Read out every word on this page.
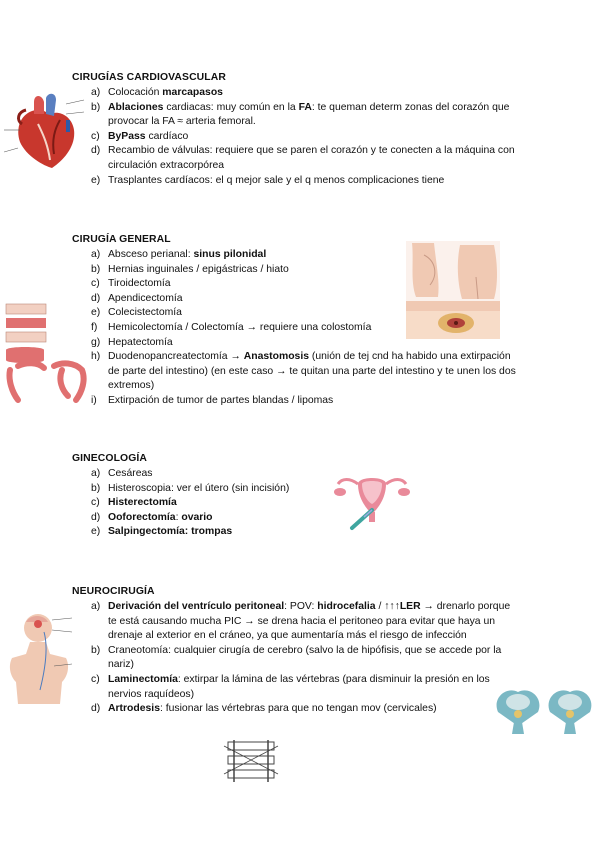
CIRUGÍAS CARDIOVASCULAR
a) Colocación marcapasos
b) Ablaciones cardiacas: muy común en la FA: te queman determ zonas del corazón que provocar la FA ≈ arteria femoral.
c) ByPass cardíaco
d) Recambio de válvulas: requiere que se paren el corazón y te conecten a la máquina con circulación extracorpórea
e) Trasplantes cardíacos: el q mejor sale y el q menos complicaciones tiene
CIRUGÍA GENERAL
a) Absceso perianal: sinus pilonidal
b) Hernias inguinales / epigástricas / hiato
c) Tiroidectomía
d) Apendicectomía
e) Colecistectomía
f) Hemicolectomía / Colectomía → requiere una colostomía
g) Hepatectomía
h) Duodenopancreatectomía → Anastomosis (unión de tej cnd ha habido una extirpación de parte del intestino) (en este caso → te quitan una parte del intestino y te unen los dos extremos)
i) Extirpación de tumor de partes blandas / lipomas
GINECOLOGÍA
a) Cesáreas
b) Histeroscopia: ver el útero (sin incisión)
c) Histerectomía
d) Ooforectomía: ovario
e) Salpingectomía: trompas
NEUROCIRUGÍA
a) Derivación del ventrículo peritoneal: POV: hidrocefalia / ↑↑↑LER → drenarlo porque te está causando mucha PIC → se drena hacia el peritoneo para evitar que haya un drenaje al exterior en el cráneo, ya que aumentaría más el riesgo de infección
b) Craneotomía: cualquier cirugía de cerebro (salvo la de hipófisis, que se accede por la nariz)
c) Laminectomía: extirpar la lámina de las vértebras (para disminuir la presión en los nervios raquídeos)
d) Artrodesis: fusionar las vértebras para que no tengan mov (cervicales)
